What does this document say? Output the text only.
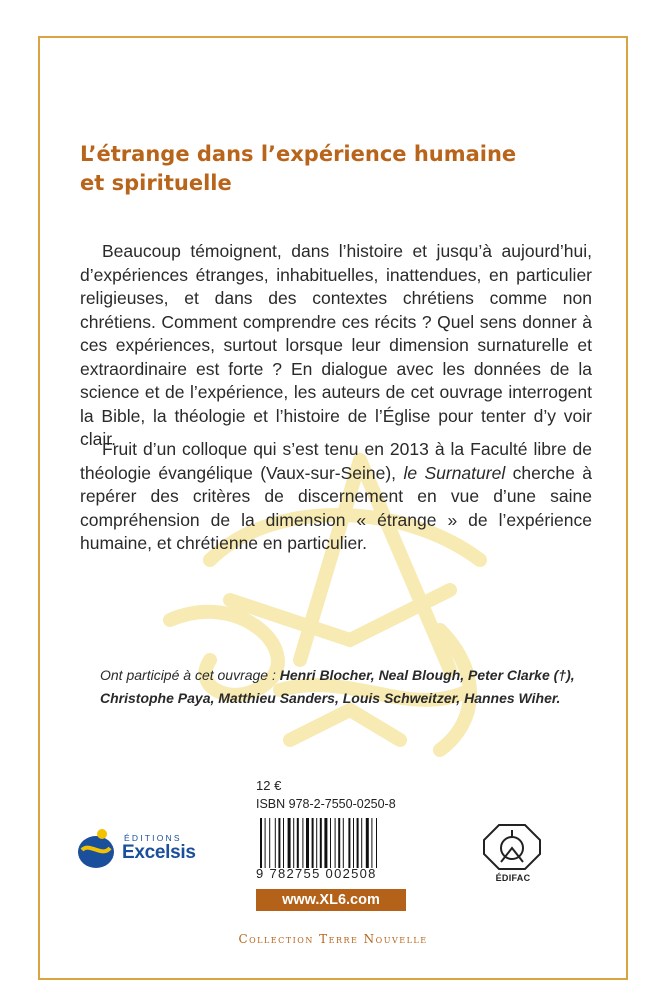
L’étrange dans l’expérience humaine
et spirituelle

Beaucoup témoignent, dans l’histoire et jusqu’à aujourd’hui, d’expériences étranges, inhabituelles, inattendues, en particulier religieuses, et dans des contextes chrétiens comme non chrétiens. Comment comprendre ces récits ? Quel sens donner à ces expériences, surtout lorsque leur dimension surnaturelle et extraordinaire est forte ? En dialogue avec les données de la science et de l’expérience, les auteurs de cet ouvrage interrogent la Bible, la théologie et l’histoire de l’Église pour tenter d’y voir clair.

Fruit d’un colloque qui s’est tenu en 2013 à la Faculté libre de théologie évangélique (Vaux-sur-Seine), le Surnaturel cherche à repérer des critères de discernement en vue d’une saine compréhension de la dimension « étrange » de l’expérience humaine, et chrétienne en particulier.

Ont participé à cet ouvrage : Henri Blocher, Neal Blough, Peter Clarke (†), Christophe Paya, Matthieu Sanders, Louis Schweitzer, Hannes Wiher.

ÉDITIONS
Excelsis
12 €
ISBN 978-2-7550-0250-8
9 782755 002508
www.XL6.com
ÉDIFAC
Collection Terre Nouvelle
